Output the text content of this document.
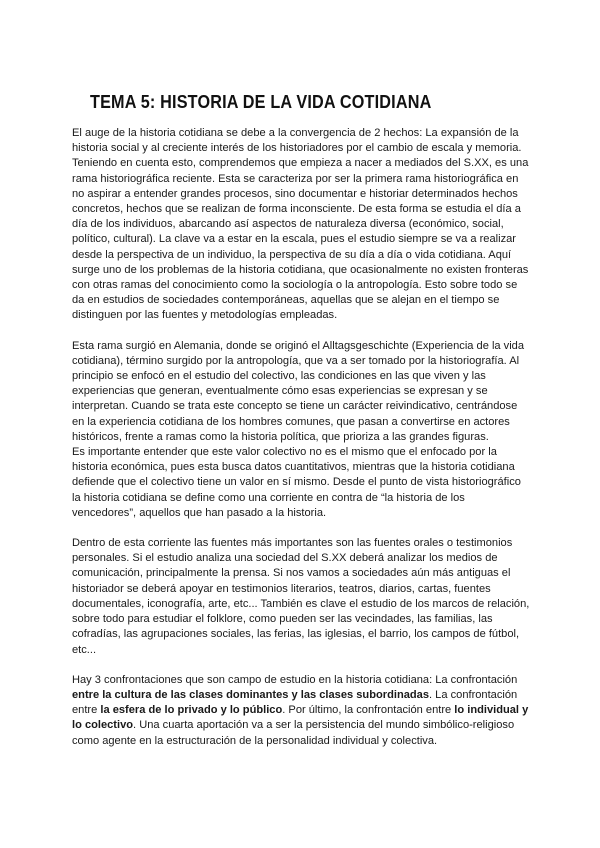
TEMA 5: HISTORIA DE LA VIDA COTIDIANA

El auge de la historia cotidiana se debe a la convergencia de 2 hechos: La expansión de la historia social y al creciente interés de los historiadores por el cambio de escala y memoria. Teniendo en cuenta esto, comprendemos que empieza a nacer a mediados del S.XX, es una rama historiográfica reciente. Esta se caracteriza por ser la primera rama historiográfica en no aspirar a entender grandes procesos, sino documentar e historiar determinados hechos concretos, hechos que se realizan de forma inconsciente. De esta forma se estudia el día a día de los individuos, abarcando así aspectos de naturaleza diversa (económico, social, político, cultural). La clave va a estar en la escala, pues el estudio siempre se va a realizar desde la perspectiva de un individuo, la perspectiva de su día a día o vida cotidiana. Aquí surge uno de los problemas de la historia cotidiana, que ocasionalmente no existen fronteras con otras ramas del conocimiento como la sociología o la antropología. Esto sobre todo se da en estudios de sociedades contemporáneas, aquellas que se alejan en el tiempo se distinguen por las fuentes y metodologías empleadas.

Esta rama surgió en Alemania, donde se originó el Alltagsgeschichte (Experiencia de la vida cotidiana), término surgido por la antropología, que va a ser tomado por la historiografía. Al principio se enfocó en el estudio del colectivo, las condiciones en las que viven y las experiencias que generan, eventualmente cómo esas experiencias se expresan y se interpretan. Cuando se trata este concepto se tiene un carácter reivindicativo, centrándose en la experiencia cotidiana de los hombres comunes, que pasan a convertirse en actores históricos, frente a ramas como la historia política, que prioriza a las grandes figuras.

Es importante entender que este valor colectivo no es el mismo que el enfocado por la historia económica, pues esta busca datos cuantitativos, mientras que la historia cotidiana defiende que el colectivo tiene un valor en sí mismo. Desde el punto de vista historiográfico la historia cotidiana se define como una corriente en contra de “la historia de los vencedores”, aquellos que han pasado a la historia.

Dentro de esta corriente las fuentes más importantes son las fuentes orales o testimonios personales. Si el estudio analiza una sociedad del S.XX deberá analizar los medios de comunicación, principalmente la prensa. Si nos vamos a sociedades aún más antiguas el historiador se deberá apoyar en testimonios literarios, teatros, diarios, cartas, fuentes documentales, iconografía, arte, etc... También es clave el estudio de los marcos de relación, sobre todo para estudiar el folklore, como pueden ser las vecindades, las familias, las cofradías, las agrupaciones sociales, las ferias, las iglesias, el barrio, los campos de fútbol, etc...

Hay 3 confrontaciones que son campo de estudio en la historia cotidiana: La confrontación entre la cultura de las clases dominantes y las clases subordinadas. La confrontación entre la esfera de lo privado y lo público. Por último, la confrontación entre lo individual y lo colectivo. Una cuarta aportación va a ser la persistencia del mundo simbólico-religioso como agente en la estructuración de la personalidad individual y colectiva.
